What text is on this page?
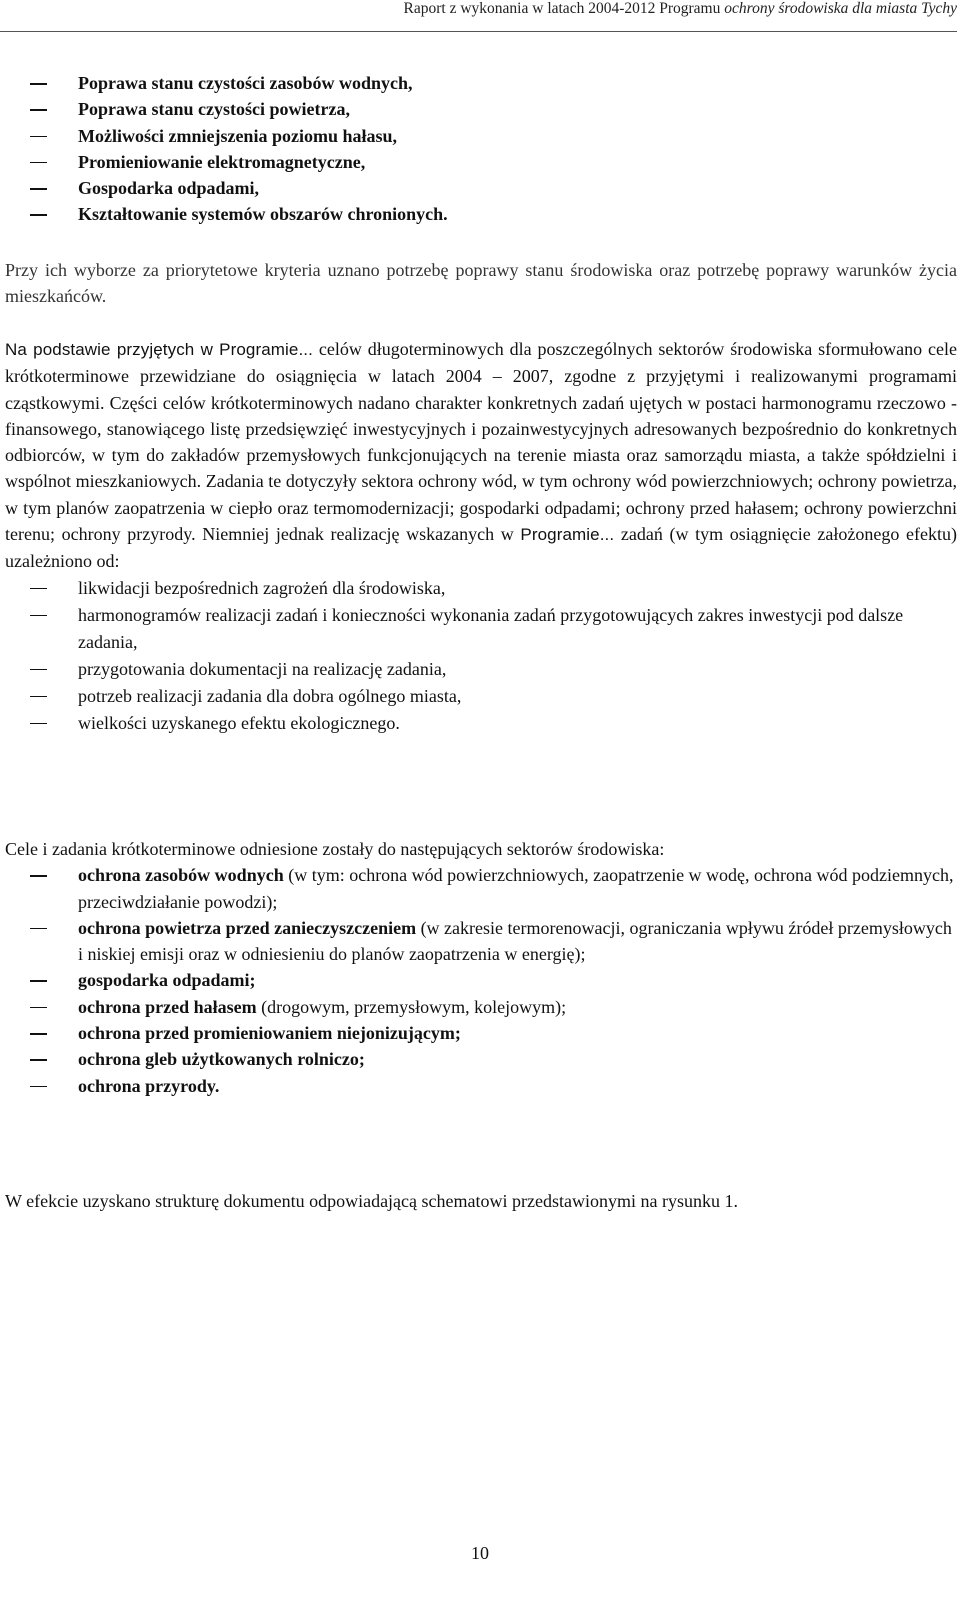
Raport z wykonania w latach 2004-2012 Programu ochrony środowiska dla miasta Tychy
Poprawa stanu czystości zasobów wodnych,
Poprawa stanu czystości powietrza,
Możliwości zmniejszenia poziomu hałasu,
Promieniowanie elektromagnetyczne,
Gospodarka odpadami,
Kształtowanie systemów obszarów chronionych.

Przy ich wyborze za priorytetowe kryteria uznano potrzebę poprawy stanu środowiska oraz potrzebę poprawy warunków życia mieszkańców.

Na podstawie przyjętych w Programie... celów długoterminowych dla poszczególnych sektorów środowiska sformułowano cele krótkoterminowe przewidziane do osiągnięcia w latach 2004 – 2007, zgodne z przyjętymi i realizowanymi programami cząstkowymi. Części celów krótkoterminowych nadano charakter konkretnych zadań ujętych w postaci harmonogramu rzeczowo - finansowego, stanowiącego listę przedsięwzięć inwestycyjnych i pozainwestycyjnych adresowanych bezpośrednio do konkretnych odbiorców, w tym do zakładów przemysłowych funkcjonujących na terenie miasta oraz samorządu miasta, a także spółdzielni i wspólnot mieszkaniowych. Zadania te dotyczyły sektora ochrony wód, w tym ochrony wód powierzchniowych; ochrony powietrza, w tym planów zaopatrzenia w ciepło oraz termomodernizacji; gospodarki odpadami; ochrony przed hałasem; ochrony powierzchni terenu; ochrony przyrody. Niemniej jednak realizację wskazanych w Programie... zadań (w tym osiągnięcie założonego efektu) uzależniono od:

likwidacji bezpośrednich zagrożeń dla środowiska,
harmonogramów realizacji zadań i konieczności wykonania zadań przygotowujących zakres inwestycji pod dalsze zadania,
przygotowania dokumentacji na realizację zadania,
potrzeb realizacji zadania dla dobra ogólnego miasta,
wielkości uzyskanego efektu ekologicznego.

Cele i zadania krótkoterminowe odniesione zostały do następujących sektorów środowiska:

ochrona zasobów wodnych (w tym: ochrona wód powierzchniowych, zaopatrzenie w wodę, ochrona wód podziemnych, przeciwdziałanie powodzi);
ochrona powietrza przed zanieczyszczeniem (w zakresie termorenowacji, ograniczania wpływu źródeł przemysłowych i niskiej emisji oraz w odniesieniu do planów zaopatrzenia w energię);
gospodarka odpadami;
ochrona przed hałasem (drogowym, przemysłowym, kolejowym);
ochrona przed promieniowaniem niejonizującym;
ochrona gleb użytkowanych rolniczo;
ochrona przyrody.

W efekcie uzyskano strukturę dokumentu odpowiadającą schematowi przedstawionymi na rysunku 1.

10
